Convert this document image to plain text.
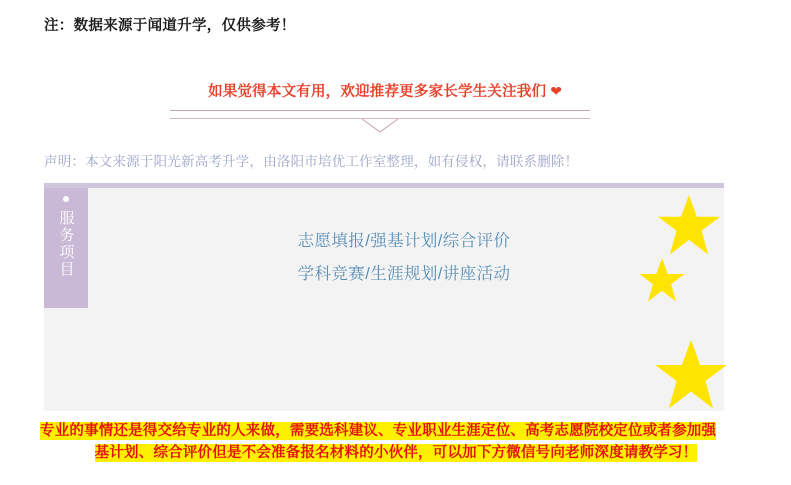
注：数据来源于闻道升学，仅供参考！
如果觉得本文有用，欢迎推荐更多家长学生关注我们 ❤
声明：本文来源于阳光新高考升学，由洛阳市培优工作室整理，如有侵权，请联系删除！
服务项目	志愿填报/强基计划/综合评价
学科竞赛/生涯规划/讲座活动
专业的事情还是得交给专业的人来做，需要选科建议、专业职业生涯定位、高考志愿院校定位或者参加强
基计划、综合评价但是不会准备报名材料的小伙伴，可以加下方微信号向老师深度请教学习！
